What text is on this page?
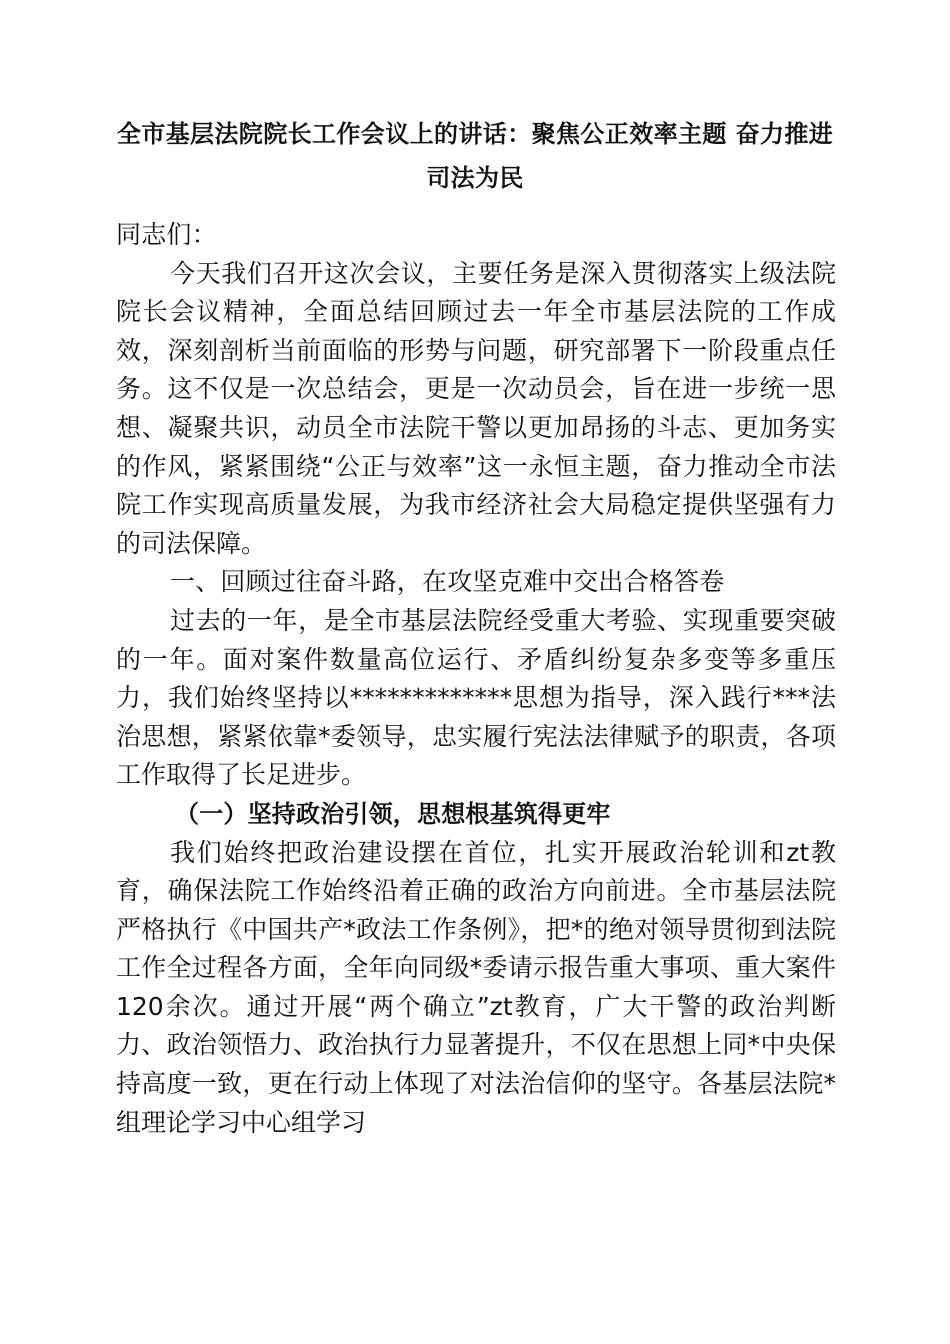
全市基层法院院长工作会议上的讲话：聚焦公正效率主题 奋力推进司法为民

同志们：

今天我们召开这次会议，主要任务是深入贯彻落实上级法院院长会议精神，全面总结回顾过去一年全市基层法院的工作成效，深刻剖析当前面临的形势与问题，研究部署下一阶段重点任务。这不仅是一次总结会，更是一次动员会，旨在进一步统一思想、凝聚共识，动员全市法院干警以更加昂扬的斗志、更加务实的作风，紧紧围绕“公正与效率”这一永恒主题，奋力推动全市法院工作实现高质量发展，为我市经济社会大局稳定提供坚强有力的司法保障。

一、回顾过往奋斗路，在攻坚克难中交出合格答卷

过去的一年，是全市基层法院经受重大考验、实现重要突破的一年。面对案件数量高位运行、矛盾纠纷复杂多变等多重压力，我们始终坚持以*************思想为指导，深入践行***法治思想，紧紧依靠*委领导，忠实履行宪法法律赋予的职责，各项工作取得了长足进步。

（一）坚持政治引领，思想根基筑得更牢

我们始终把政治建设摆在首位，扎实开展政治轮训和zt教育，确保法院工作始终沿着正确的政治方向前进。全市基层法院严格执行《中国共产*政法工作条例》，把*的绝对领导贯彻到法院工作全过程各方面，全年向同级*委请示报告重大事项、重大案件120余次。通过开展“两个确立”zt教育，广大干警的政治判断力、政治领悟力、政治执行力显著提升，不仅在思想上同*中央保持高度一致，更在行动上体现了对法治信仰的坚守。各基层法院*组理论学习中心组学习
